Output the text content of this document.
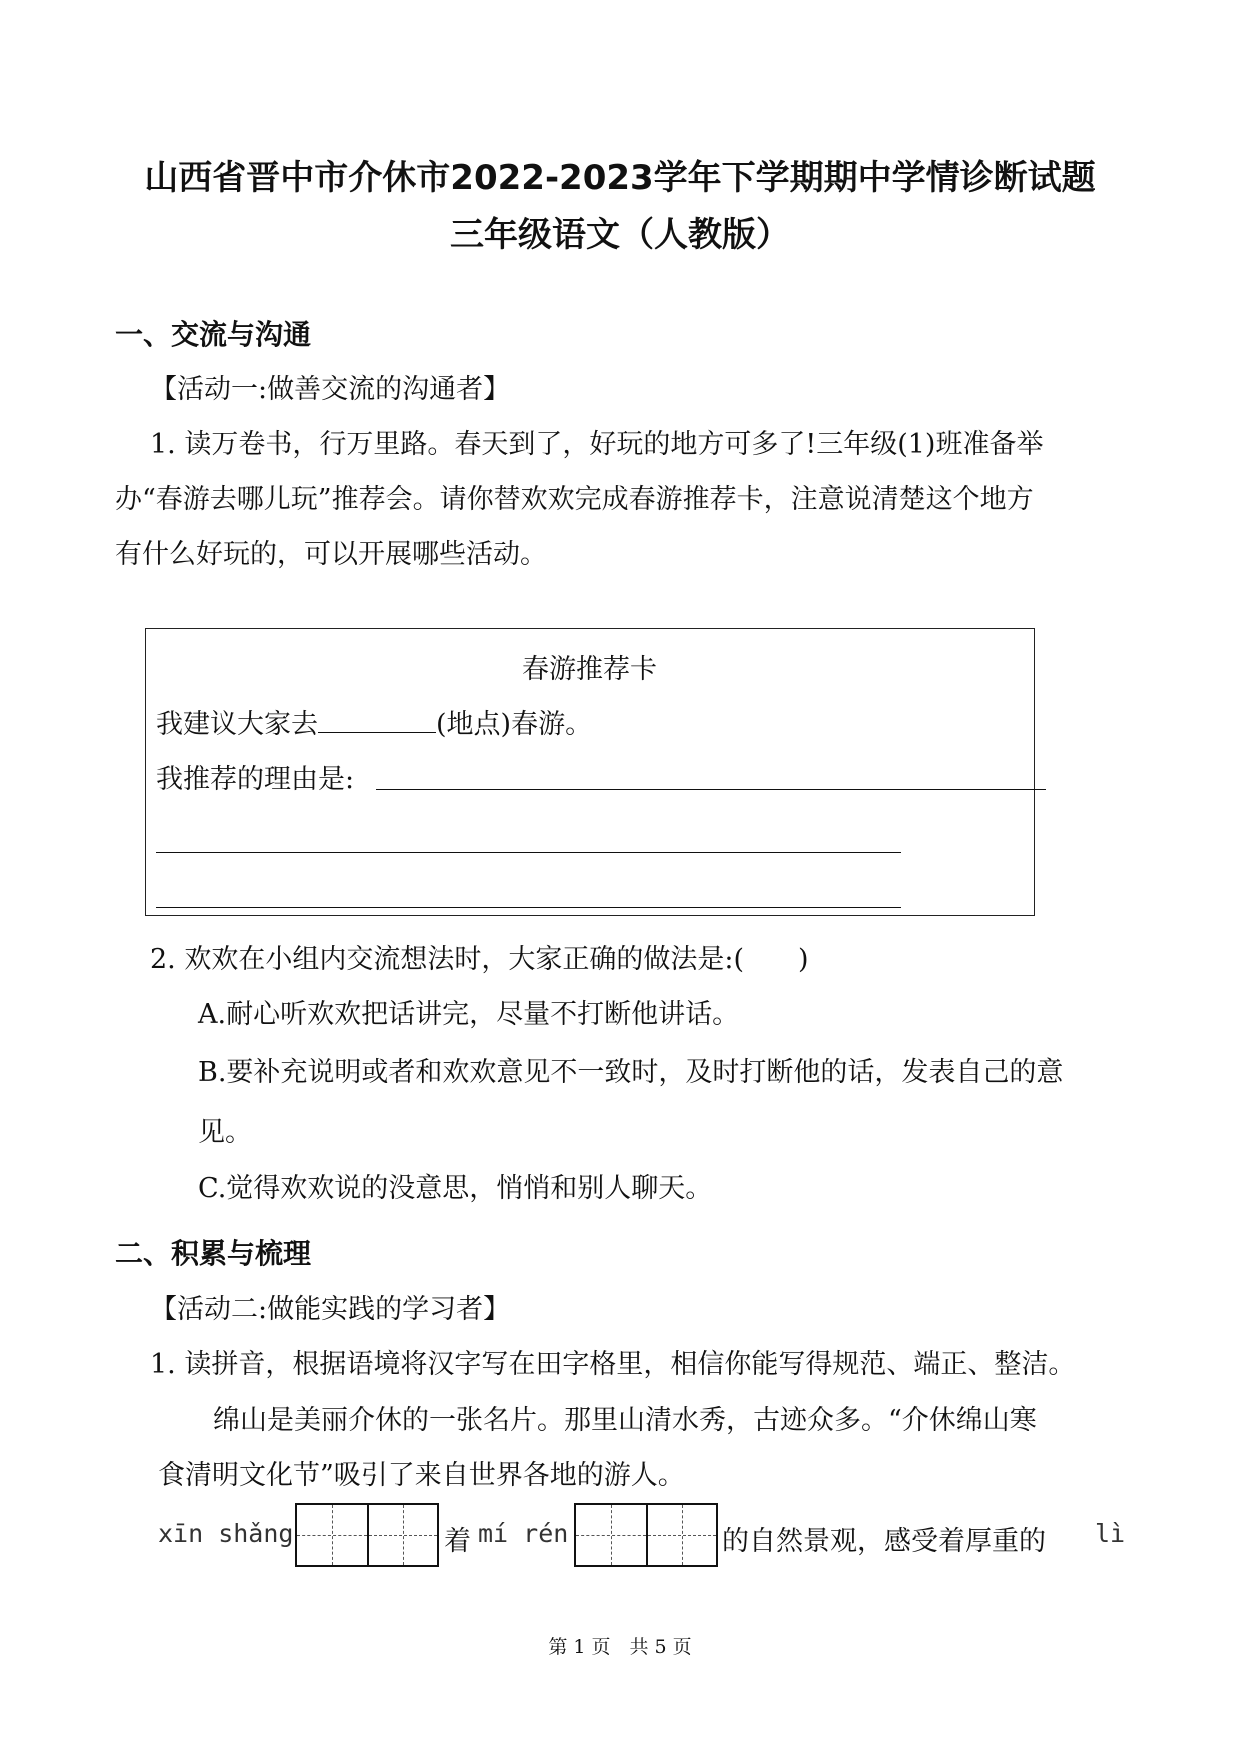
山西省晋中市介休市2022-2023学年下学期期中学情诊断试题
三年级语文（人教版）
一、交流与沟通
【活动一:做善交流的沟通者】
1. 读万卷书，行万里路。春天到了，好玩的地方可多了!三年级(1)班准备举
办“春游去哪儿玩”推荐会。请你替欢欢完成春游推荐卡，注意说清楚这个地方
有什么好玩的，可以开展哪些活动。
春游推荐卡
我建议大家去	(地点)春游。
我推荐的理由是:
2. 欢欢在小组内交流想法时，大家正确的做法是:(　　)
A.耐心听欢欢把话讲完，尽量不打断他讲话。
B.要补充说明或者和欢欢意见不一致时，及时打断他的话，发表自己的意
见。
C.觉得欢欢说的没意思，悄悄和别人聊天。
二、积累与梳理
【活动二:做能实践的学习者】
1. 读拼音，根据语境将汉字写在田字格里，相信你能写得规范、端正、整洁。
绵山是美丽介休的一张名片。那里山清水秀，古迹众多。“介休绵山寒
食清明文化节”吸引了来自世界各地的游人。
xīn shǎng	着 mí rén	的自然景观，感受着厚重的 lì
第 1 页　共 5 页
